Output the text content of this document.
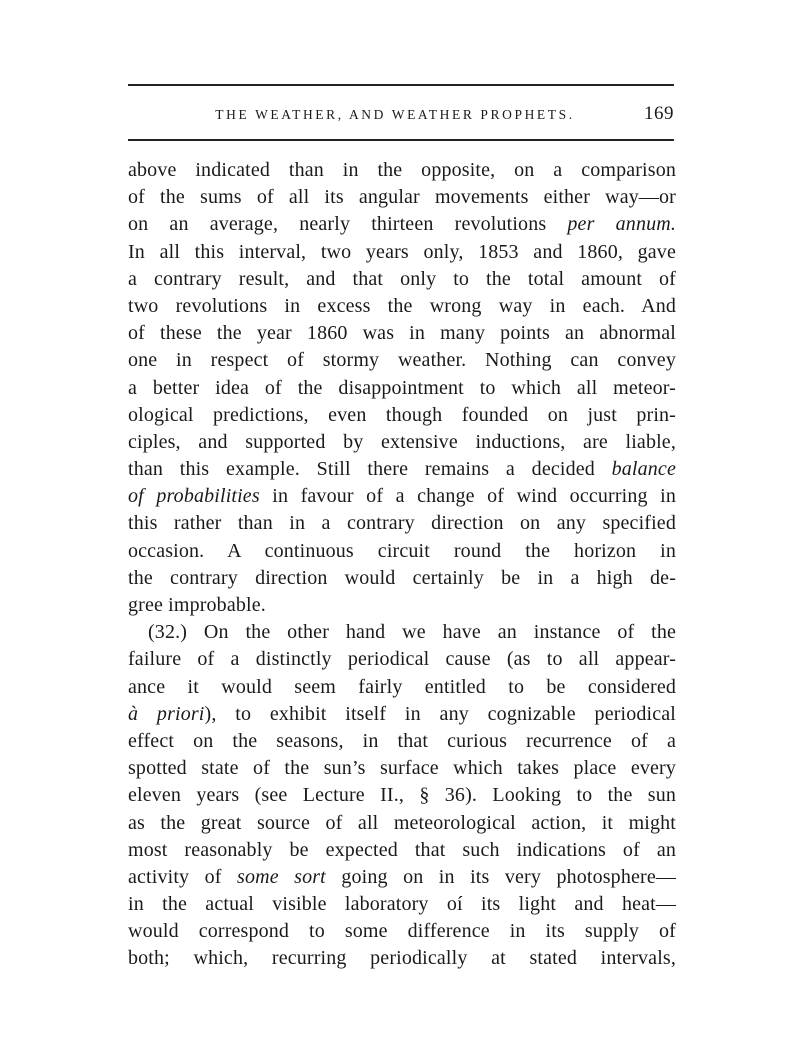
THE WEATHER, AND WEATHER PROPHETS.	169
above indicated than in the opposite, on a comparison
of the sums of all its angular movements either way—or
on an average, nearly thirteen revolutions per annum.
In all this interval, two years only, 1853 and 1860, gave
a contrary result, and that only to the total amount of
two revolutions in excess the wrong way in each. And
of these the year 1860 was in many points an abnormal
one in respect of stormy weather. Nothing can convey
a better idea of the disappointment to which all meteor-
ological predictions, even though founded on just prin-
ciples, and supported by extensive inductions, are liable,
than this example. Still there remains a decided balance
of probabilities in favour of a change of wind occurring in
this rather than in a contrary direction on any specified
occasion. A continuous circuit round the horizon in
the contrary direction would certainly be in a high de-
gree improbable.
(32.) On the other hand we have an instance of the
failure of a distinctly periodical cause (as to all appear-
ance it would seem fairly entitled to be considered
à priori), to exhibit itself in any cognizable periodical
effect on the seasons, in that curious recurrence of a
spotted state of the sun’s surface which takes place every
eleven years (see Lecture II., § 36). Looking to the sun
as the great source of all meteorological action, it might
most reasonably be expected that such indications of an
activity of some sort going on in its very photosphere—
in the actual visible laboratory oí its light and heat—
would correspond to some difference in its supply of
both; which, recurring periodically at stated intervals,
